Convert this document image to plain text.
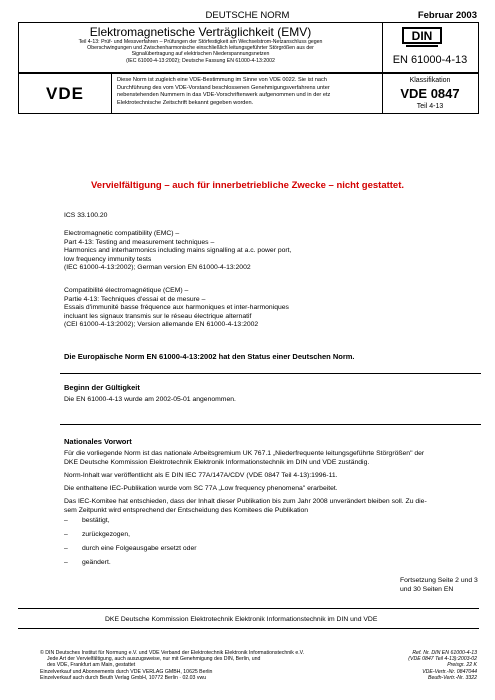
DEUTSCHE NORM	Februar 2003
Elektromagnetische Verträglichkeit (EMV)
Teil 4-13: Prüf- und Messverfahren – Prüfungen der Störfestigkeit am Wechselstrom-Netzanschluss gegen
Oberschwingungen und Zwischenharmonische einschließlich leitungsgeführter Störgrößen aus der
Signalübertragung auf elektrischen Niederspannungsnetzen
(IEC 61000-4-13:2002); Deutsche Fassung EN 61000-4-13:2002
DIN
EN 61000-4-13
VDE
Diese Norm ist zugleich eine VDE-Bestimmung im Sinne von VDE 0022. Sie ist nach
Durchführung des vom VDE-Vorstand beschlossenen Genehmigungsverfahrens unter
nebenstehenden Nummern in das VDE-Vorschriftenwerk aufgenommen und in der etz
Elektrotechnische Zeitschrift bekannt gegeben worden.
Klassifikation
VDE 0847
Teil 4-13
Vervielfältigung – auch für innerbetriebliche Zwecke – nicht gestattet.
ICS 33.100.20
Electromagnetic compatibility (EMC) –
Part 4-13: Testing and measurement techniques –
Harmonics and interharmonics including mains signalling at a.c. power port,
low frequency immunity tests
(IEC 61000-4-13:2002); German version EN 61000-4-13:2002
Compatibilité électromagnétique (CEM) –
Partie 4-13: Techniques d'essai et de mesure –
Essais d'immunité basse fréquence aux harmoniques et inter-harmoniques
incluant les signaux transmis sur le réseau électrique alternatif
(CEI 61000-4-13:2002); Version allemande EN 61000-4-13:2002
Die Europäische Norm EN 61000-4-13:2002 hat den Status einer Deutschen Norm.
Beginn der Gültigkeit
Die EN 61000-4-13 wurde am 2002-05-01 angenommen.
Nationales Vorwort
Für die vorliegende Norm ist das nationale Arbeitsgremium UK 767.1 „Niederfrequente leitungsgeführte Störgrößen" der
DKE Deutsche Kommission Elektrotechnik Elektronik Informationstechnik im DIN und VDE zuständig.
Norm-Inhalt war veröffentlicht als E DIN IEC 77A/147A/CDV (VDE 0847 Teil 4-13):1996-11.
Die enthaltene IEC-Publikation wurde vom SC 77A „Low frequency phenomena" erarbeitet.
Das IEC-Komitee hat entschieden, dass der Inhalt dieser Publikation bis zum Jahr 2008 unverändert bleiben soll. Zu die-
sem Zeitpunkt wird entsprechend der Entscheidung des Komitees die Publikation
– bestätigt,
– zurückgezogen,
– durch eine Folgeausgabe ersetzt oder
– geändert.
Fortsetzung Seite 2 und 3
und 30 Seiten EN
DKE Deutsche Kommission Elektrotechnik Elektronik Informationstechnik im DIN und VDE
© DIN Deutsches Institut für Normung e.V. und VDE Verband der Elektrotechnik Elektronik Informationstechnik e.V.
Jede Art der Vervielfältigung, auch auszugsweise, nur mit Genehmigung des DIN, Berlin, und
des VDE, Frankfurt am Main, gestattet
Einzelverkauf und Abonnements durch VDE VERLAG GMBH, 10625 Berlin
Einzelverkauf auch durch Beuth Verlag GmbH, 10772 Berlin · 02.03 vwu
Ref. Nr. DIN EN 61000-4-13
(VDE 0847 Teil 4-13):2003-02
Preisgr. 22 K
VDE-Vertr.-Nr. 0847044
Beuth-Vertr.-Nr. 3322
